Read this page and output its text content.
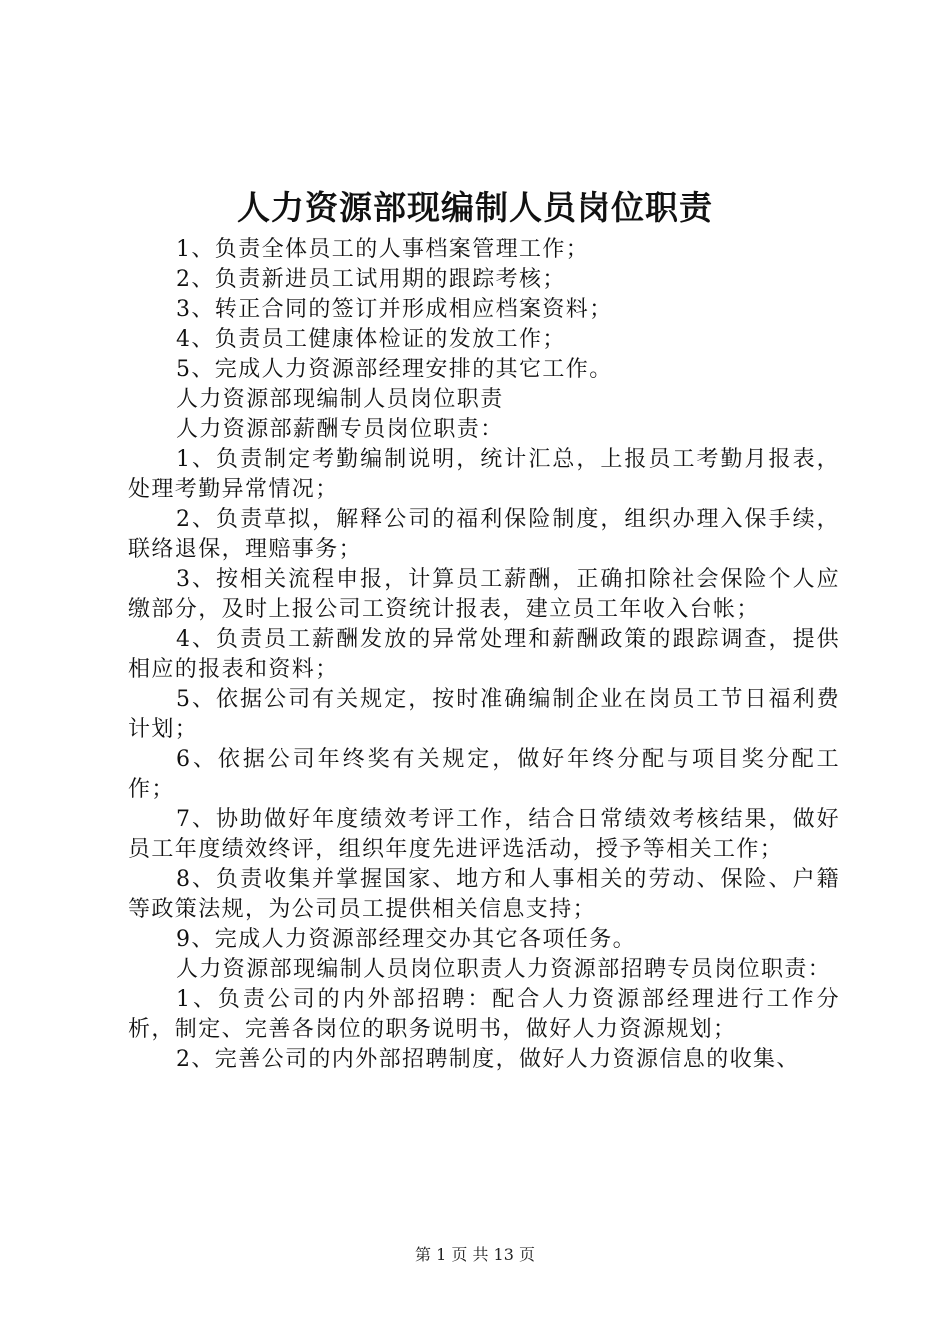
人力资源部现编制人员岗位职责

1、负责全体员工的人事档案管理工作；

2、负责新进员工试用期的跟踪考核；

3、转正合同的签订并形成相应档案资料；

4、负责员工健康体检证的发放工作；

5、完成人力资源部经理安排的其它工作。

人力资源部现编制人员岗位职责

人力资源部薪酬专员岗位职责：

1、负责制定考勤编制说明，统计汇总，上报员工考勤月报表，处理考勤异常情况；

2、负责草拟，解释公司的福利保险制度，组织办理入保手续，联络退保，理赔事务；

3、按相关流程申报，计算员工薪酬，正确扣除社会保险个人应缴部分，及时上报公司工资统计报表，建立员工年收入台帐；

4、负责员工薪酬发放的异常处理和薪酬政策的跟踪调查，提供相应的报表和资料；

5、依据公司有关规定，按时准确编制企业在岗员工节日福利费计划；

6、依据公司年终奖有关规定，做好年终分配与项目奖分配工作；

7、协助做好年度绩效考评工作，结合日常绩效考核结果，做好员工年度绩效终评，组织年度先进评选活动，授予等相关工作；

8、负责收集并掌握国家、地方和人事相关的劳动、保险、户籍等政策法规，为公司员工提供相关信息支持；

9、完成人力资源部经理交办其它各项任务。

人力资源部现编制人员岗位职责人力资源部招聘专员岗位职责：

1、负责公司的内外部招聘：配合人力资源部经理进行工作分析，制定、完善各岗位的职务说明书，做好人力资源规划；

2、完善公司的内外部招聘制度，做好人力资源信息的收集、

第 1 页 共 13 页
